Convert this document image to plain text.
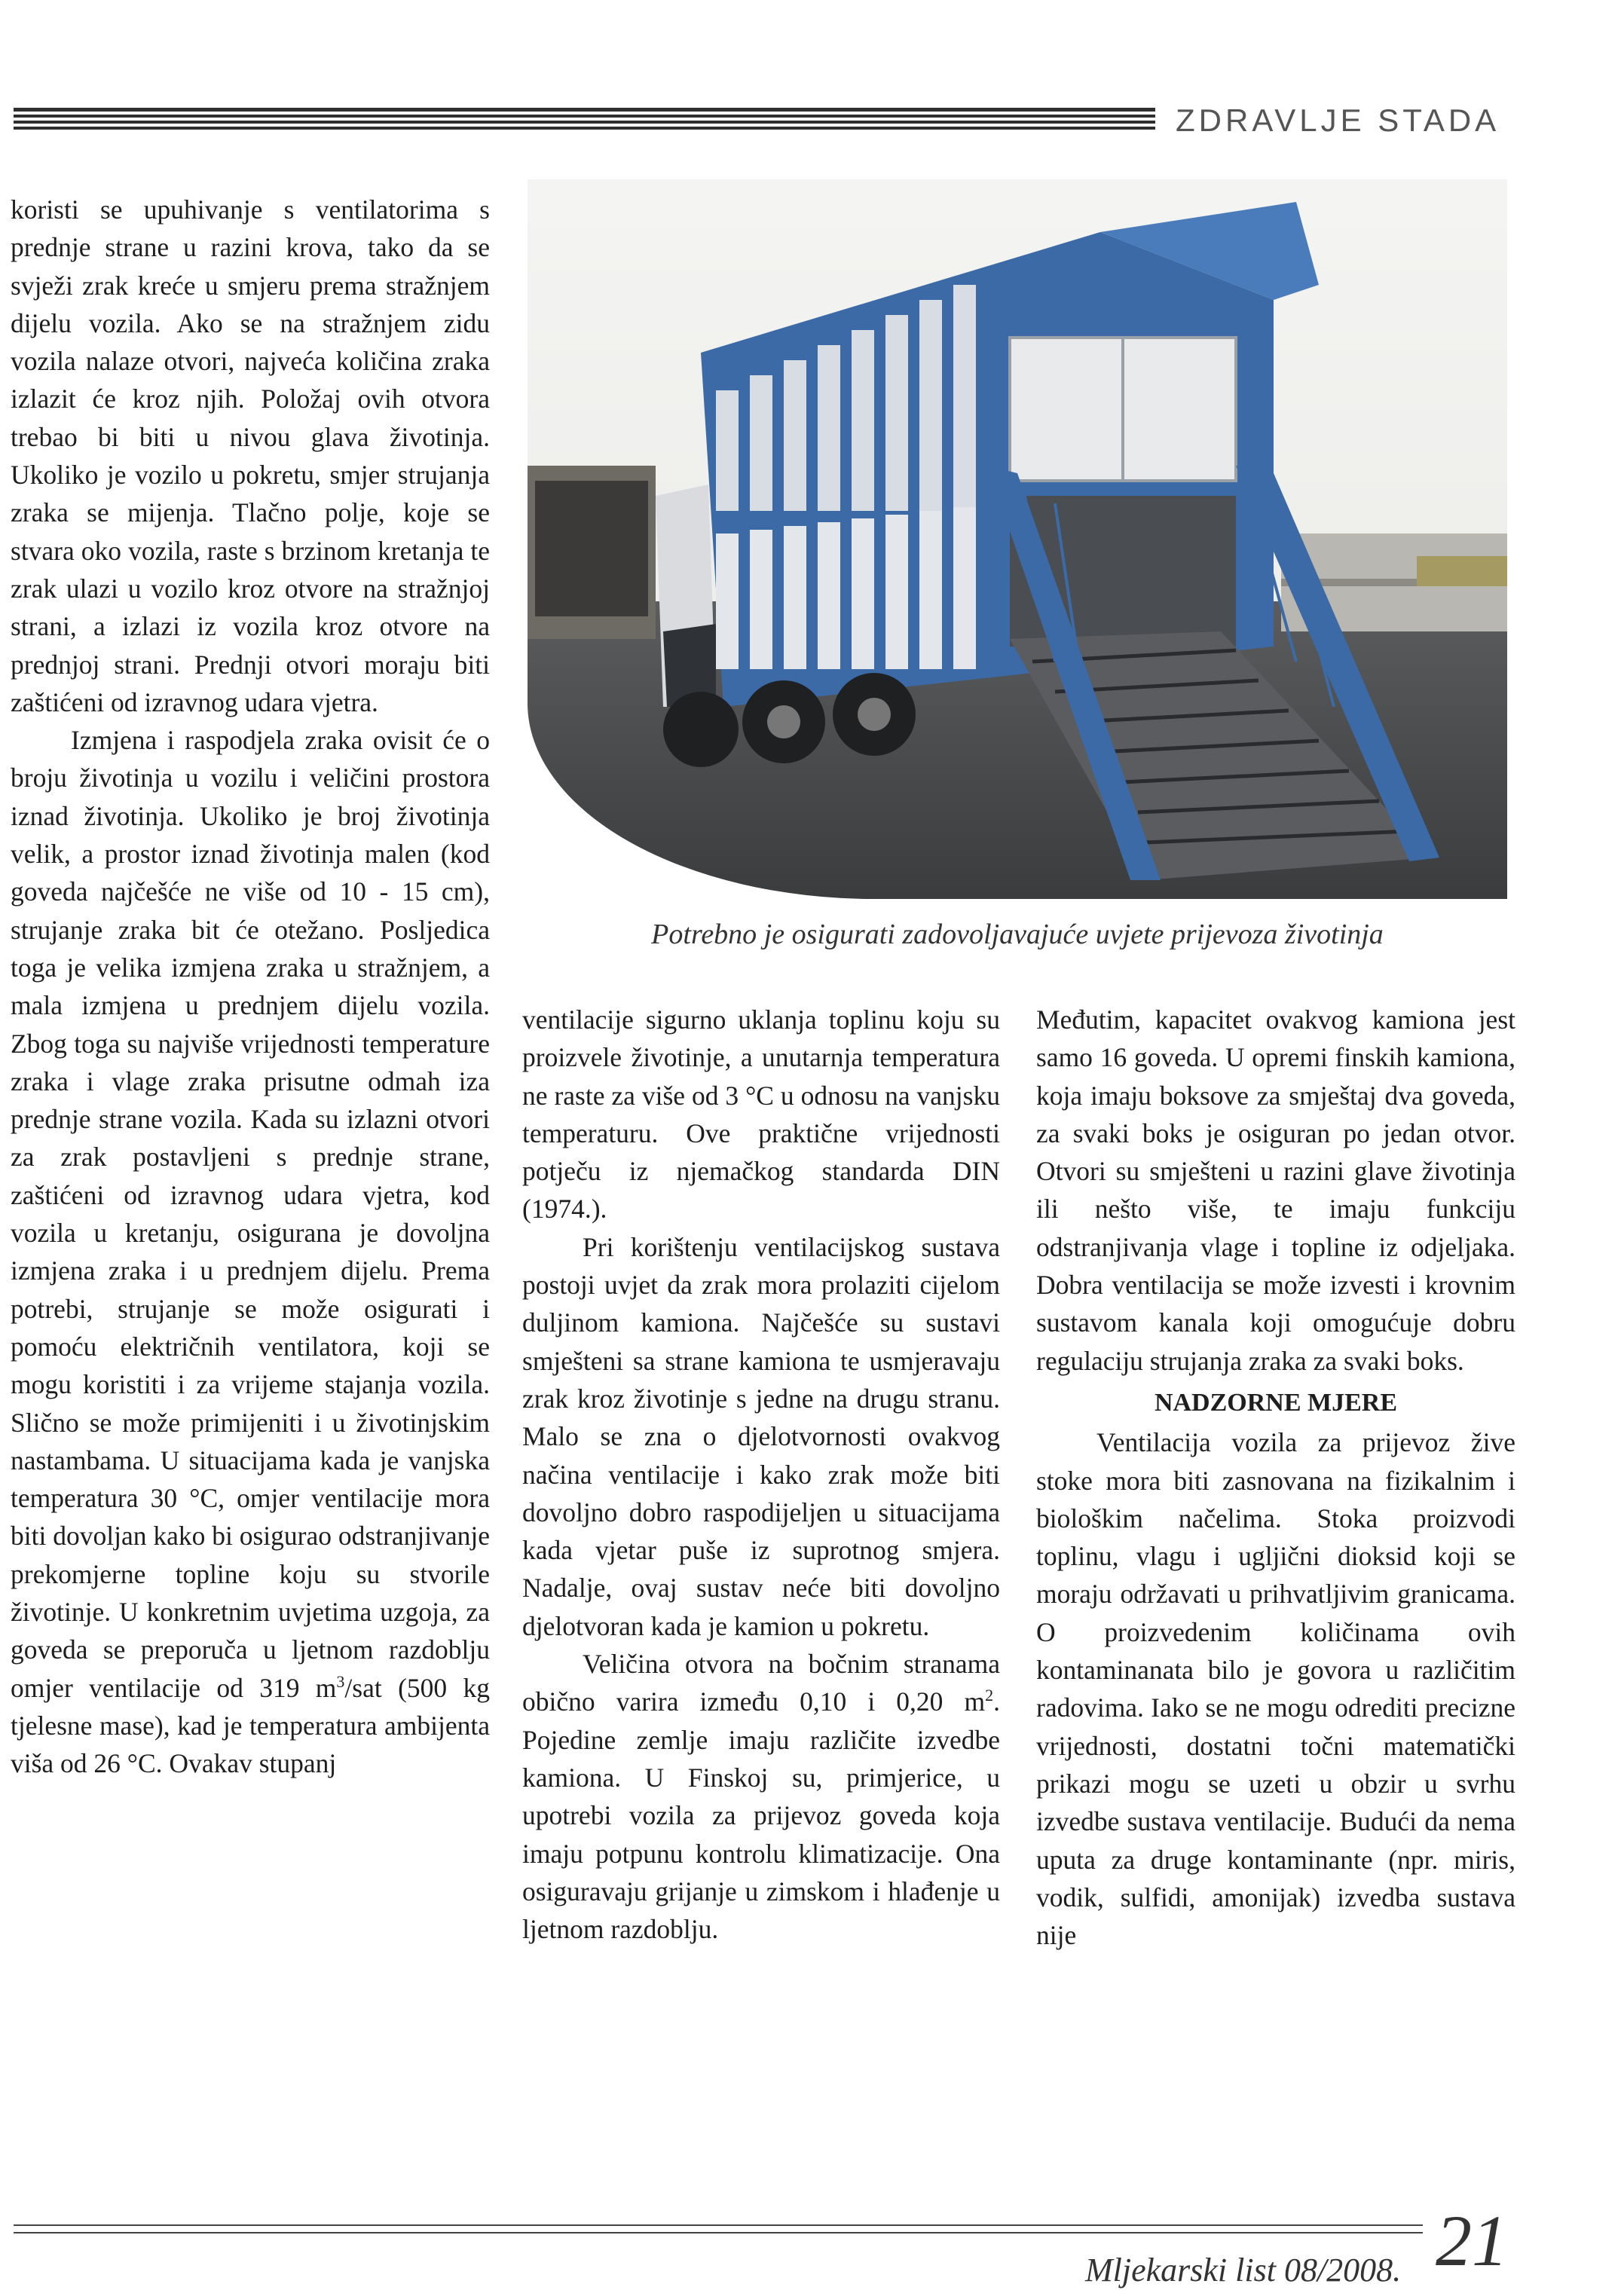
ZDRAVLJE STADA

koristi se upuhivanje s ventilatorima s prednje strane u razini krova, tako da se svježi zrak kreće u smjeru prema stražnjem dijelu vozila. Ako se na stražnjem zidu vozila nalaze otvori, najveća količina zraka izlazit će kroz njih. Položaj ovih otvora trebao bi biti u nivou glava životinja. Ukoliko je vozilo u pokretu, smjer strujanja zraka se mijenja. Tlačno polje, koje se stvara oko vozila, raste s brzinom kretanja te zrak ulazi u vozilo kroz otvore na stražnjoj strani, a izlazi iz vozila kroz otvore na prednjoj strani. Prednji otvori moraju biti zaštićeni od izravnog udara vjetra.

Izmjena i raspodjela zraka ovisit će o broju životinja u vozilu i veličini prostora iznad životinja. Ukoliko je broj životinja velik, a prostor iznad životinja malen (kod goveda najčešće ne više od 10 - 15 cm), strujanje zraka bit će otežano. Posljedica toga je velika izmjena zraka u stražnjem, a mala izmjena u prednjem dijelu vozila. Zbog toga su najviše vrijednosti temperature zraka i vlage zraka prisutne odmah iza prednje strane vozila. Kada su izlazni otvori za zrak postavljeni s prednje strane, zaštićeni od izravnog udara vjetra, kod vozila u kretanju, osigurana je dovoljna izmjena zraka i u prednjem dijelu. Prema potrebi, strujanje se može osigurati i pomoću električnih ventilatora, koji se mogu koristiti i za vrijeme stajanja vozila. Slično se može primijeniti i u životinjskim nastambama. U situacijama kada je vanjska temperatura 30 °C, omjer ventilacije mora biti dovoljan kako bi osigurao odstranjivanje prekomjerne topline koju su stvorile životinje. U konkretnim uvjetima uzgoja, za goveda se preporuča u ljetnom razdoblju omjer ventilacije od 319 $m^3$/sat (500 kg tjelesne mase), kad je temperatura ambijenta viša od 26 °C. Ovakav stupanj

Potrebno je osigurati zadovoljavajuće uvjete prijevoza životinja

ventilacije sigurno uklanja toplinu koju su proizvele životinje, a unutarnja temperatura ne raste za više od 3 °C u odnosu na vanjsku temperaturu. Ove praktične vrijednosti potječu iz njemačkog standarda DIN (1974.).

Pri korištenju ventilacijskog sustava postoji uvjet da zrak mora prolaziti cijelom duljinom kamiona. Najčešće su sustavi smješteni sa strane kamiona te usmjeravaju zrak kroz životinje s jedne na drugu stranu. Malo se zna o djelotvornosti ovakvog načina ventilacije i kako zrak može biti dovoljno dobro raspodijeljen u situacijama kada vjetar puše iz suprotnog smjera. Nadalje, ovaj sustav neće biti dovoljno djelotvoran kada je kamion u pokretu.

Veličina otvora na bočnim stranama obično varira između 0,10 i 0,20 $m^2$. Pojedine zemlje imaju različite izvedbe kamiona. U Finskoj su, primjerice, u upotrebi vozila za prijevoz goveda koja imaju potpunu kontrolu klimatizacije. Ona osiguravaju grijanje u zimskom i hlađenje u ljetnom razdoblju.

Međutim, kapacitet ovakvog kamiona jest samo 16 goveda. U opremi finskih kamiona, koja imaju boksove za smještaj dva goveda, za svaki boks je osiguran po jedan otvor. Otvori su smješteni u razini glave životinja ili nešto više, te imaju funkciju odstranjivanja vlage i topline iz odjeljaka. Dobra ventilacija se može izvesti i krovnim sustavom kanala koji omogućuje dobru regulaciju strujanja zraka za svaki boks.

NADZORNE MJERE

Ventilacija vozila za prijevoz žive stoke mora biti zasnovana na fizikalnim i biološkim načelima. Stoka proizvodi toplinu, vlagu i ugljični dioksid koji se moraju održavati u prihvatljivim granicama. O proizvedenim količinama ovih kontaminanata bilo je govora u različitim radovima. Iako se ne mogu odrediti precizne vrijednosti, dostatni točni matematički prikazi mogu se uzeti u obzir u svrhu izvedbe sustava ventilacije. Budući da nema uputa za druge kontaminante (npr. miris, vodik, sulfidi, amonijak) izvedba sustava nije

Mljekarski list 08/2008. 21
